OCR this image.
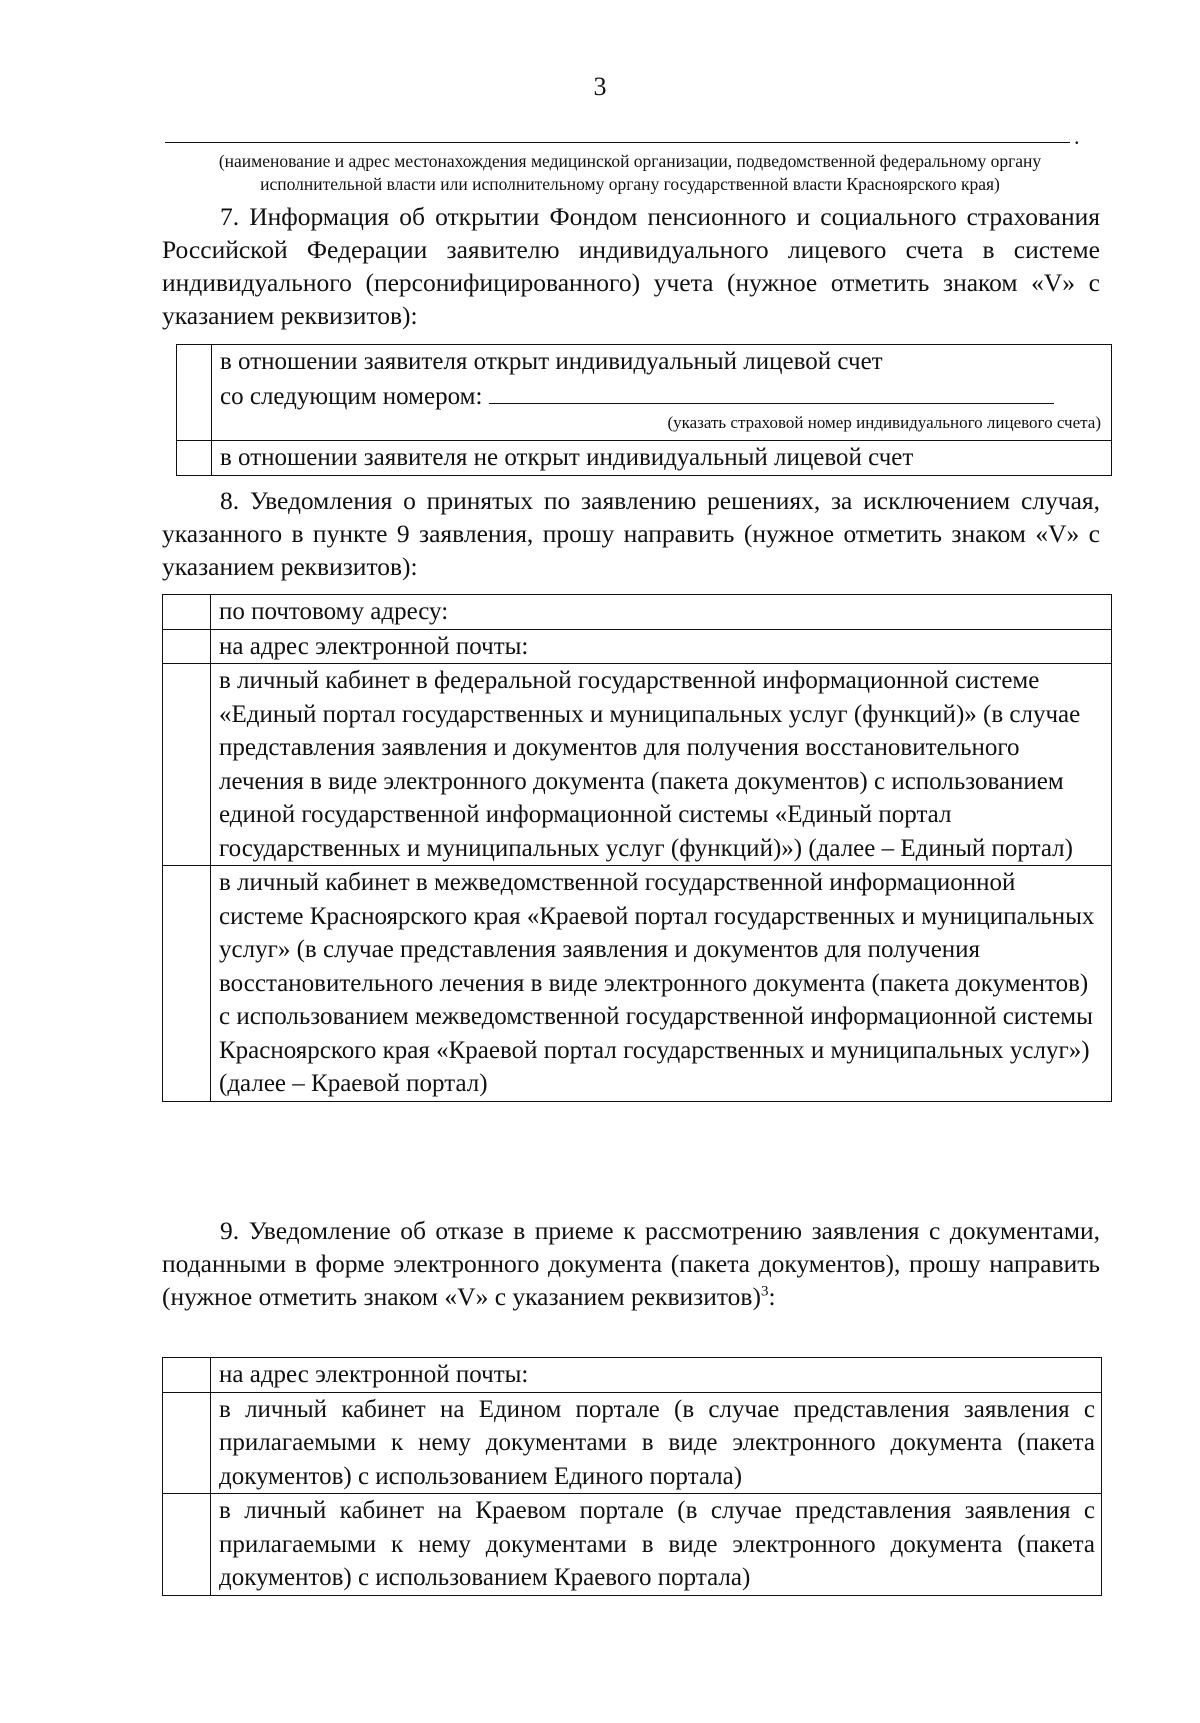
3
.
(наименование и адрес местонахождения медицинской организации, подведомственной федеральному органу исполнительной власти или исполнительному органу государственной власти Красноярского края)
7. Информация об открытии Фондом пенсионного и социального страхования Российской Федерации заявителю индивидуального лицевого счета в системе индивидуального (персонифицированного) учета (нужное отметить знаком «V» с указанием реквизитов):
	в отношении заявителя открыт индивидуальный лицевой счет
со следующим номером:
(указать страховой номер индивидуального лицевого счета)

	в отношении заявителя не открыт индивидуальный лицевой счет
8. Уведомления о принятых по заявлению решениях, за исключением случая, указанного в пункте 9 заявления, прошу направить (нужное отметить знаком «V» с указанием реквизитов):
	по почтовому адресу:
	на адрес электронной почты:
	в личный кабинет в федеральной государственной информационной системе «Единый портал государственных и муниципальных услуг (функций)» (в случае представления заявления и документов для получения восстановительного лечения в виде электронного документа (пакета документов) с использованием единой государственной информационной системы «Единый портал государственных и муниципальных услуг (функций)») (далее – Единый портал)
	в личный кабинет в межведомственной государственной информационной системе Красноярского края «Краевой портал государственных и муниципальных услуг» (в случае представления заявления и документов для получения восстановительного лечения в виде электронного документа (пакета документов) с использованием межведомственной государственной информационной системы Красноярского края «Краевой портал государственных и муниципальных услуг») (далее – Краевой портал)
9. Уведомление об отказе в приеме к рассмотрению заявления с документами, поданными в форме электронного документа (пакета документов), прошу направить (нужное отметить знаком «V» с указанием реквизитов)$^3$:
	на адрес электронной почты:
	в личный кабинет на Едином портале (в случае представления заявления с прилагаемыми к нему документами в виде электронного документа (пакета документов) с использованием Единого портала)
	в личный кабинет на Краевом портале (в случае представления заявления с прилагаемыми к нему документами в виде электронного документа (пакета документов) с использованием Краевого портала)
